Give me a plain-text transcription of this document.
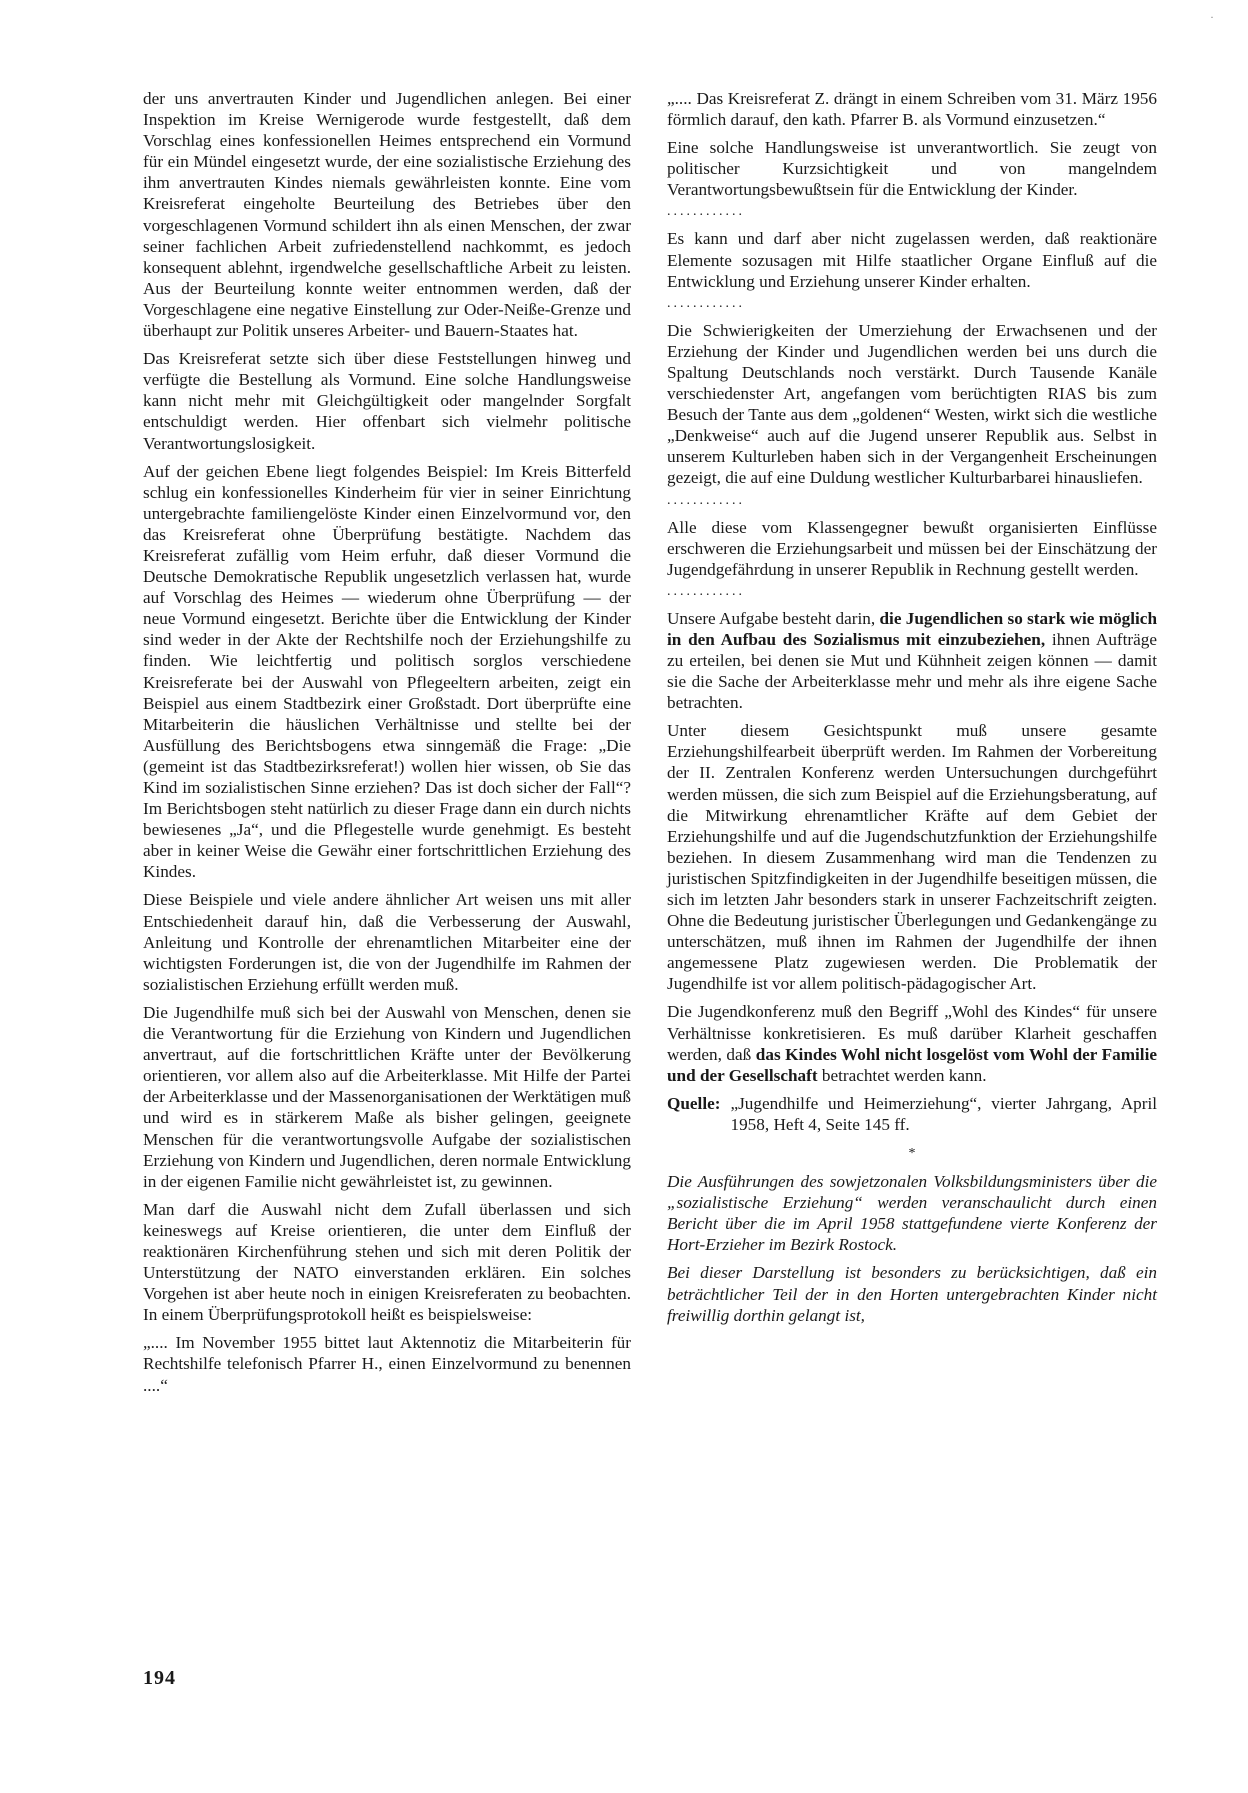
·

der uns anvertrauten Kinder und Jugendlichen anlegen. Bei einer Inspektion im Kreise Wernigerode wurde festgestellt, daß dem Vorschlag eines konfessionellen Heimes entsprechend ein Vormund für ein Mündel eingesetzt wurde, der eine sozialistische Erziehung des ihm anvertrauten Kindes niemals gewährleisten konnte. Eine vom Kreisreferat eingeholte Beurteilung des Betriebes über den vorgeschlagenen Vormund schildert ihn als einen Menschen, der zwar seiner fachlichen Arbeit zufriedenstellend nachkommt, es jedoch konsequent ablehnt, irgendwelche gesellschaftliche Arbeit zu leisten. Aus der Beurteilung konnte weiter entnommen werden, daß der Vorgeschlagene eine negative Einstellung zur Oder-Neiße-Grenze und überhaupt zur Politik unseres Arbeiter- und Bauern-Staates hat.

Das Kreisreferat setzte sich über diese Feststellungen hinweg und verfügte die Bestellung als Vormund. Eine solche Handlungsweise kann nicht mehr mit Gleichgültigkeit oder mangelnder Sorgfalt entschuldigt werden. Hier offenbart sich vielmehr politische Verantwortungslosigkeit.

Auf der geichen Ebene liegt folgendes Beispiel: Im Kreis Bitterfeld schlug ein konfessionelles Kinderheim für vier in seiner Einrichtung untergebrachte familiengelöste Kinder einen Einzelvormund vor, den das Kreisreferat ohne Überprüfung bestätigte. Nachdem das Kreisreferat zufällig vom Heim erfuhr, daß dieser Vormund die Deutsche Demokratische Republik ungesetzlich verlassen hat, wurde auf Vorschlag des Heimes — wiederum ohne Überprüfung — der neue Vormund eingesetzt. Berichte über die Entwicklung der Kinder sind weder in der Akte der Rechtshilfe noch der Erziehungshilfe zu finden. Wie leichtfertig und politisch sorglos verschiedene Kreisreferate bei der Auswahl von Pflegeeltern arbeiten, zeigt ein Beispiel aus einem Stadtbezirk einer Großstadt. Dort überprüfte eine Mitarbeiterin die häuslichen Verhältnisse und stellte bei der Ausfüllung des Berichtsbogens etwa sinngemäß die Frage: „Die (gemeint ist das Stadtbezirksreferat!) wollen hier wissen, ob Sie das Kind im sozialistischen Sinne erziehen? Das ist doch sicher der Fall“? Im Berichtsbogen steht natürlich zu dieser Frage dann ein durch nichts bewiesenes „Ja“, und die Pflegestelle wurde genehmigt. Es besteht aber in keiner Weise die Gewähr einer fortschrittlichen Erziehung des Kindes.

Diese Beispiele und viele andere ähnlicher Art weisen uns mit aller Entschiedenheit darauf hin, daß die Verbesserung der Auswahl, Anleitung und Kontrolle der ehrenamtlichen Mitarbeiter eine der wichtigsten Forderungen ist, die von der Jugendhilfe im Rahmen der sozialistischen Erziehung erfüllt werden muß.

Die Jugendhilfe muß sich bei der Auswahl von Menschen, denen sie die Verantwortung für die Erziehung von Kindern und Jugendlichen anvertraut, auf die fortschrittlichen Kräfte unter der Bevölkerung orientieren, vor allem also auf die Arbeiterklasse. Mit Hilfe der Partei der Arbeiterklasse und der Massenorganisationen der Werktätigen muß und wird es in stärkerem Maße als bisher gelingen, geeignete Menschen für die verantwortungsvolle Aufgabe der sozialistischen Erziehung von Kindern und Jugendlichen, deren normale Entwicklung in der eigenen Familie nicht gewährleistet ist, zu gewinnen.

Man darf die Auswahl nicht dem Zufall überlassen und sich keineswegs auf Kreise orientieren, die unter dem Einfluß der reaktionären Kirchenführung stehen und sich mit deren Politik der Unterstützung der NATO einverstanden erklären. Ein solches Vorgehen ist aber heute noch in einigen Kreisreferaten zu beobachten. In einem Überprüfungsprotokoll heißt es beispielsweise:

„.... Im November 1955 bittet laut Aktennotiz die Mitarbeiterin für Rechtshilfe telefonisch Pfarrer H., einen Einzelvormund zu benennen ....“

„.... Das Kreisreferat Z. drängt in einem Schreiben vom 31. März 1956 förmlich darauf, den kath. Pfarrer B. als Vormund einzusetzen.“

Eine solche Handlungsweise ist unverantwortlich. Sie zeugt von politischer Kurzsichtigkeit und von mangelndem Verantwortungsbewußtsein für die Entwicklung der Kinder.

............

Es kann und darf aber nicht zugelassen werden, daß reaktionäre Elemente sozusagen mit Hilfe staatlicher Organe Einfluß auf die Entwicklung und Erziehung unserer Kinder erhalten.

............

Die Schwierigkeiten der Umerziehung der Erwachsenen und der Erziehung der Kinder und Jugendlichen werden bei uns durch die Spaltung Deutschlands noch verstärkt. Durch Tausende Kanäle verschiedenster Art, angefangen vom berüchtigten RIAS bis zum Besuch der Tante aus dem „goldenen“ Westen, wirkt sich die westliche „Denkweise“ auch auf die Jugend unserer Republik aus. Selbst in unserem Kulturleben haben sich in der Vergangenheit Erscheinungen gezeigt, die auf eine Duldung westlicher Kulturbarbarei hinausliefen.

............

Alle diese vom Klassengegner bewußt organisierten Einflüsse erschweren die Erziehungsarbeit und müssen bei der Einschätzung der Jugendgefährdung in unserer Republik in Rechnung gestellt werden.

............

Unsere Aufgabe besteht darin, die Jugendlichen so stark wie möglich in den Aufbau des Sozialismus mit einzubeziehen, ihnen Aufträge zu erteilen, bei denen sie Mut und Kühnheit zeigen können — damit sie die Sache der Arbeiterklasse mehr und mehr als ihre eigene Sache betrachten.

Unter diesem Gesichtspunkt muß unsere gesamte Erziehungshilfearbeit überprüft werden. Im Rahmen der Vorbereitung der II. Zentralen Konferenz werden Untersuchungen durchgeführt werden müssen, die sich zum Beispiel auf die Erziehungsberatung, auf die Mitwirkung ehrenamtlicher Kräfte auf dem Gebiet der Erziehungshilfe und auf die Jugendschutzfunktion der Erziehungshilfe beziehen. In diesem Zusammenhang wird man die Tendenzen zu juristischen Spitzfindigkeiten in der Jugendhilfe beseitigen müssen, die sich im letzten Jahr besonders stark in unserer Fachzeitschrift zeigten. Ohne die Bedeutung juristischer Überlegungen und Gedankengänge zu unterschätzen, muß ihnen im Rahmen der Jugendhilfe der ihnen angemessene Platz zugewiesen werden. Die Problematik der Jugendhilfe ist vor allem politisch-pädagogischer Art.

Die Jugendkonferenz muß den Begriff „Wohl des Kindes“ für unsere Verhältnisse konkretisieren. Es muß darüber Klarheit geschaffen werden, daß das Kindes Wohl nicht losgelöst vom Wohl der Familie und der Gesellschaft betrachtet werden kann.

Quelle: „Jugendhilfe und Heimerziehung“, vierter Jahrgang, April 1958, Heft 4, Seite 145 ff.

*

Die Ausführungen des sowjetzonalen Volksbildungsministers über die „sozialistische Erziehung“ werden veranschaulicht durch einen Bericht über die im April 1958 stattgefundene vierte Konferenz der Hort-Erzieher im Bezirk Rostock.

Bei dieser Darstellung ist besonders zu berücksichtigen, daß ein beträchtlicher Teil der in den Horten untergebrachten Kinder nicht freiwillig dorthin gelangt ist,

194
